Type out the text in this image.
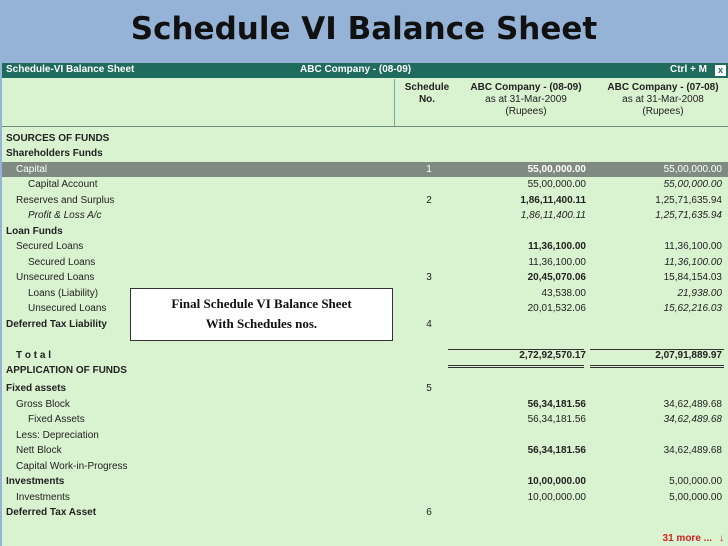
Schedule VI Balance Sheet
Schedule-VI Balance Sheet	ABC Company - (08-09)	Ctrl + M	x
Schedule
No.
ABC Company - (08-09)
as at 31-Mar-2009
(Rupees)
ABC Company - (07-08)
as at 31-Mar-2008
(Rupees)
SOURCES OF FUNDS
Shareholders Funds
Capital	1	55,00,000.00	55,00,000.00
Capital Account	55,00,000.00	55,00,000.00
Reserves and Surplus	2	1,86,11,400.11	1,25,71,635.94
Profit & Loss A/c	1,86,11,400.11	1,25,71,635.94
Loan Funds
Secured Loans	11,36,100.00	11,36,100.00
Secured Loans	11,36,100.00	11,36,100.00
Unsecured Loans	3	20,45,070.06	15,84,154.03
Loans (Liability)	43,538.00	21,938.00
Unsecured Loans	20,01,532.06	15,62,216.03
Deferred Tax Liability	4
T o t a l	2,72,92,570.17	2,07,91,889.97
APPLICATION OF FUNDS
Fixed assets	5
Gross Block	56,34,181.56	34,62,489.68
Fixed Assets	56,34,181.56	34,62,489.68
Less: Depreciation
Nett Block	56,34,181.56	34,62,489.68
Capital Work-in-Progress
Investments	10,00,000.00	5,00,000.00
Investments	10,00,000.00	5,00,000.00
Deferred Tax Asset	6
Final Schedule VI Balance Sheet
With Schedules nos.
31 more ... ↓
